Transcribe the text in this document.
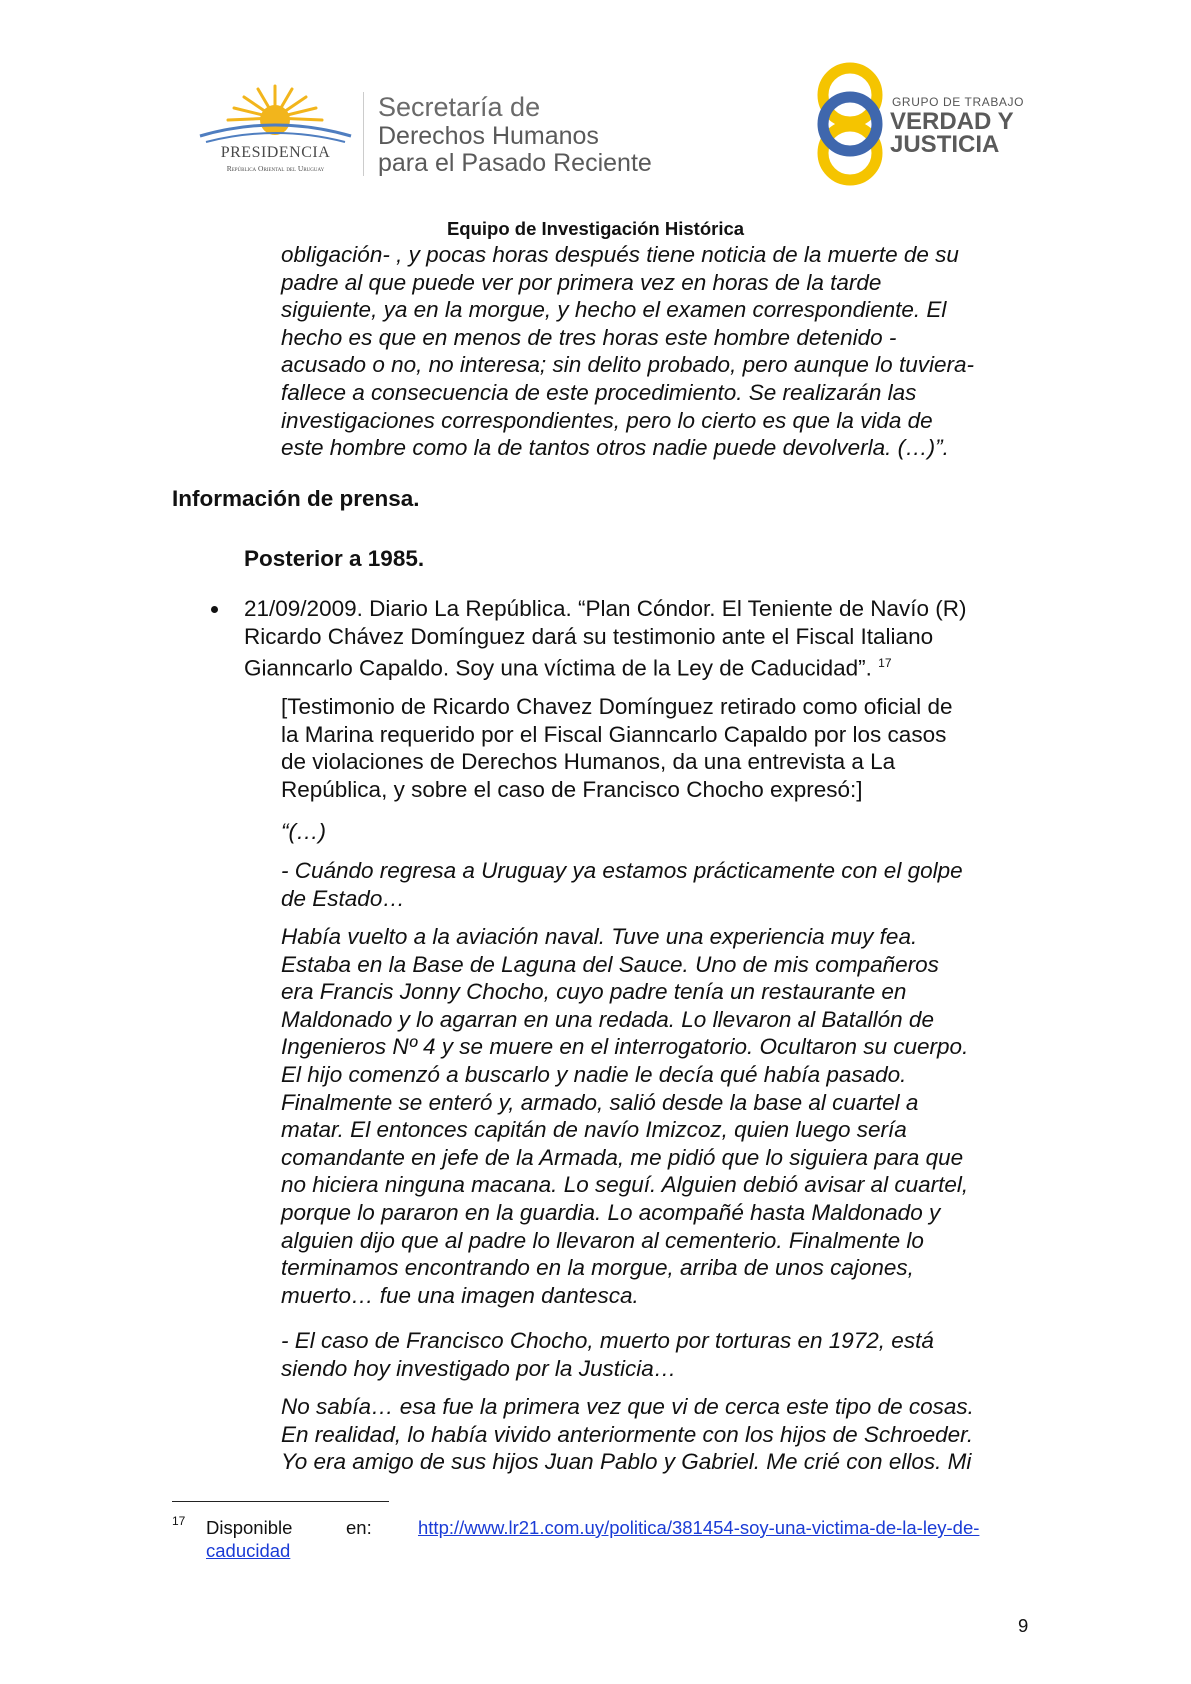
PRESIDENCIA
República Oriental del Uruguay
Secretaría de
Derechos Humanos
para el Pasado Reciente
GRUPO DE TRABAJO
VERDAD Y
JUSTICIA
Equipo de Investigación Histórica
obligación- , y pocas horas después tiene noticia de la muerte de su
padre al que puede ver por primera vez en horas de la tarde
siguiente, ya en la morgue, y hecho el examen correspondiente. El
hecho es que en menos de tres horas este hombre detenido -
acusado o no, no interesa; sin delito probado, pero aunque lo tuviera-
fallece a consecuencia de este procedimiento. Se realizarán las
investigaciones correspondientes, pero lo cierto es que la vida de
este hombre como la de tantos otros nadie puede devolverla. (…)”.
Información de prensa.
Posterior a 1985.
21/09/2009. Diario La República. “Plan Cóndor. El Teniente de Navío (R)
Ricardo Chávez Domínguez dará su testimonio ante el Fiscal Italiano
Gianncarlo Capaldo. Soy una víctima de la Ley de Caducidad”. $^{17}$
[Testimonio de Ricardo Chavez Domínguez retirado como oficial de
la Marina requerido por el Fiscal Gianncarlo Capaldo por los casos
de violaciones de Derechos Humanos, da una entrevista a La
República, y sobre el caso de Francisco Chocho expresó:]
“(…)
- Cuándo regresa a Uruguay ya estamos prácticamente con el golpe
de Estado…
Había vuelto a la aviación naval. Tuve una experiencia muy fea.
Estaba en la Base de Laguna del Sauce. Uno de mis compañeros
era Francis Jonny Chocho, cuyo padre tenía un restaurante en
Maldonado y lo agarran en una redada. Lo llevaron al Batallón de
Ingenieros Nº 4 y se muere en el interrogatorio. Ocultaron su cuerpo.
El hijo comenzó a buscarlo y nadie le decía qué había pasado.
Finalmente se enteró y, armado, salió desde la base al cuartel a
matar. El entonces capitán de navío Imizcoz, quien luego sería
comandante en jefe de la Armada, me pidió que lo siguiera para que
no hiciera ninguna macana. Lo seguí. Alguien debió avisar al cuartel,
porque lo pararon en la guardia. Lo acompañé hasta Maldonado y
alguien dijo que al padre lo llevaron al cementerio. Finalmente lo
terminamos encontrando en la morgue, arriba de unos cajones,
muerto… fue una imagen dantesca.
- El caso de Francisco Chocho, muerto por torturas en 1972, está
siendo hoy investigado por la Justicia…
No sabía… esa fue la primera vez que vi de cerca este tipo de cosas.
En realidad, lo había vivido anteriormente con los hijos de Schroeder.
Yo era amigo de sus hijos Juan Pablo y Gabriel. Me crié con ellos. Mi
17 Disponible	en:	http://www.lr21.com.uy/politica/381454-soy-una-victima-de-la-ley-de-
caducidad
9
